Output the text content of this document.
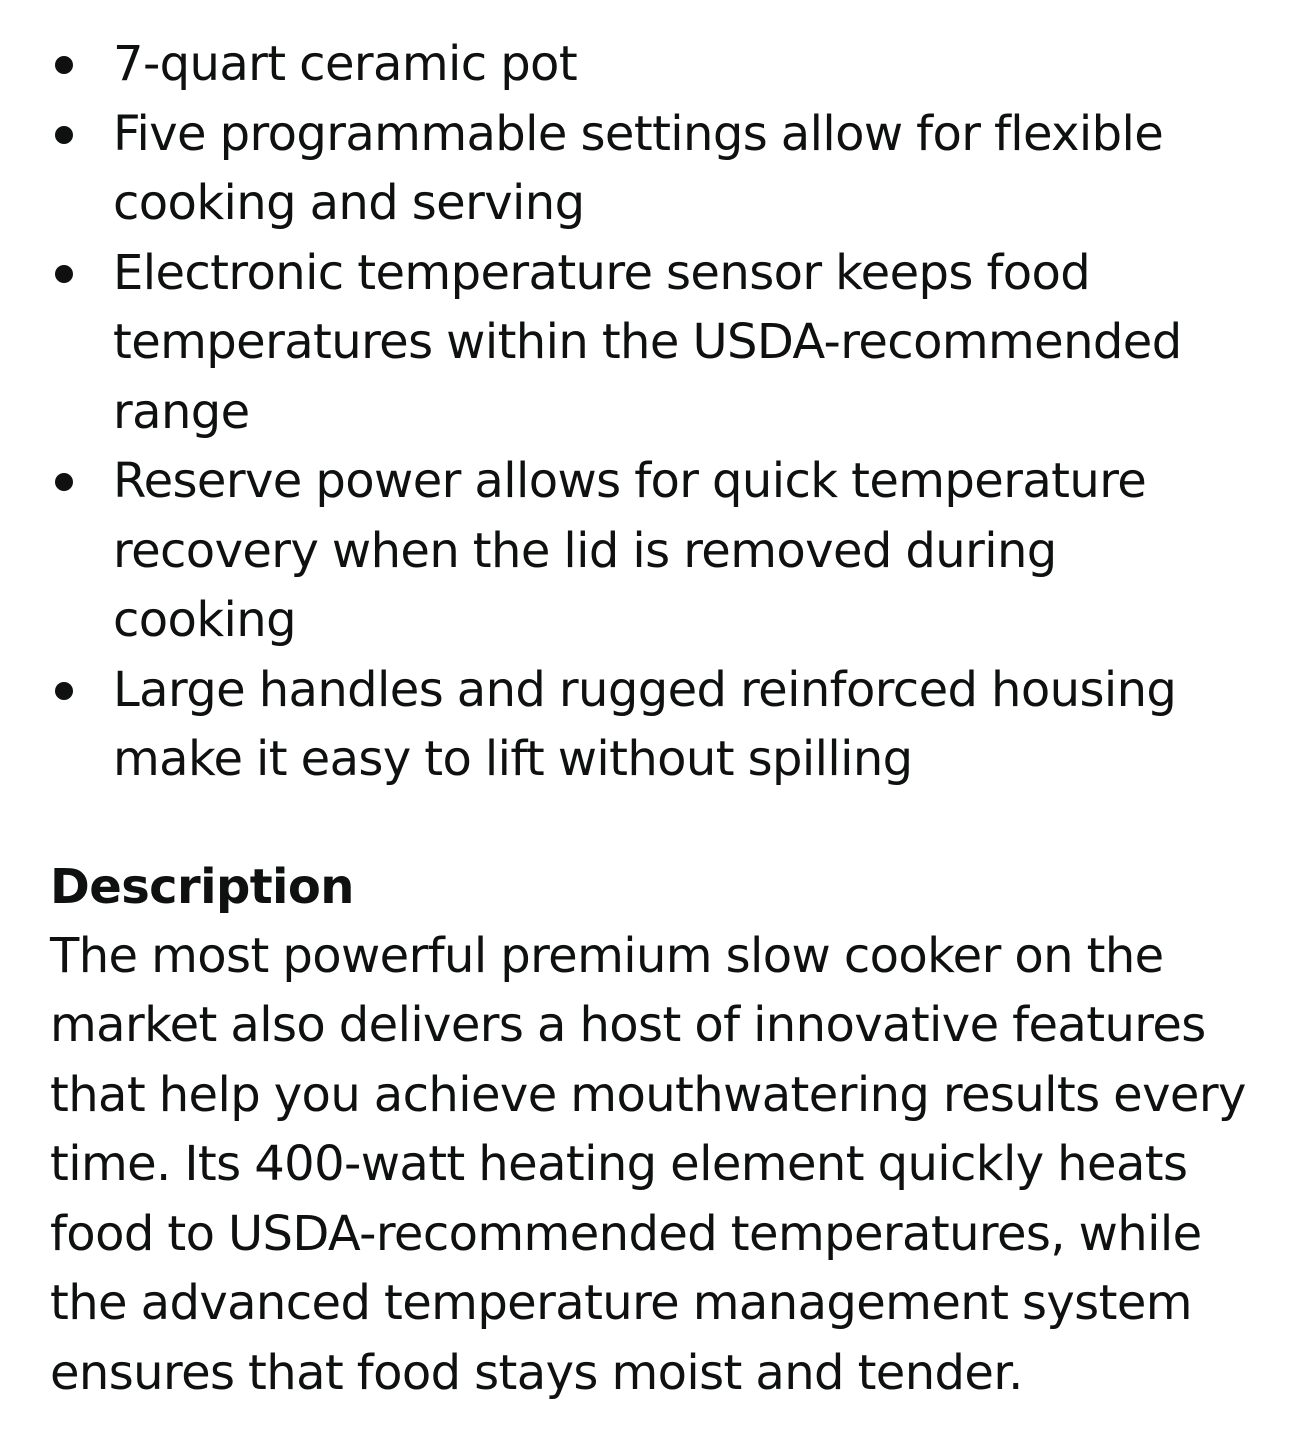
7-quart ceramic pot
Five programmable settings allow for flexible cooking and serving
Electronic temperature sensor keeps food temperatures within the USDA-recommended range
Reserve power allows for quick temperature recovery when the lid is removed during cooking
Large handles and rugged reinforced housing make it easy to lift without spilling
Description

The most powerful premium slow cooker on the market also delivers a host of innovative features that help you achieve mouthwatering results every time. Its 400-watt heating element quickly heats food to USDA-recommended temperatures, while the advanced temperature management system ensures that food stays moist and tender.
